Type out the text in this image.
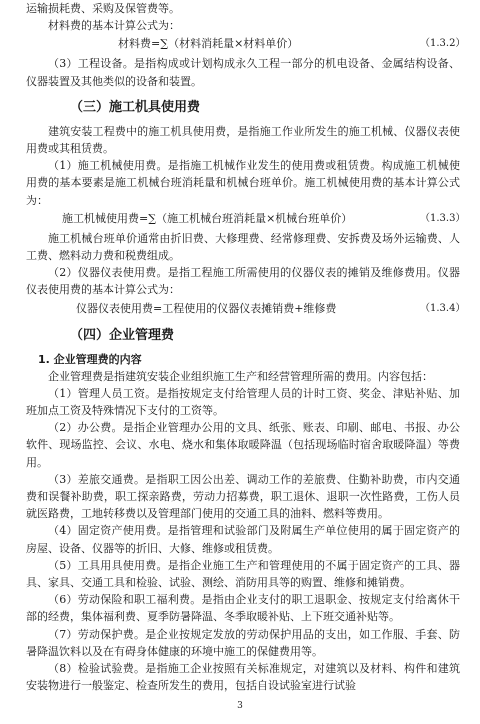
运输损耗费、采购及保管费等。

材料费的基本计算公式为：

材料费=∑（材料消耗量×材料单价）	（1.3.2）

（3）工程设备。是指构成或计划构成永久工程一部分的机电设备、金属结构设备、仪器装置及其他类似的设备和装置。

（三）施工机具使用费

建筑安装工程费中的施工机具使用费，是指施工作业所发生的施工机械、仪器仪表使用费或其租赁费。

（1）施工机械使用费。是指施工机械作业发生的使用费或租赁费。构成施工机械使用费的基本要素是施工机械台班消耗量和机械台班单价。施工机械使用费的基本计算公式为：

施工机械使用费=∑（施工机械台班消耗量×机械台班单价）	（1.3.3）

施工机械台班单价通常由折旧费、大修理费、经常修理费、安拆费及场外运输费、人工费、燃料动力费和税费组成。

（2）仪器仪表使用费。是指工程施工所需使用的仪器仪表的摊销及维修费用。仪器仪表使用费的基本计算公式为：

仪器仪表使用费=工程使用的仪器仪表摊销费+维修费	（1.3.4）
（四）企业管理费
1. 企业管理费的内容

企业管理费是指建筑安装企业组织施工生产和经营管理所需的费用。内容包括：

（1）管理人员工资。是指按规定支付给管理人员的计时工资、奖金、津贴补贴、加班加点工资及特殊情况下支付的工资等。

（2）办公费。是指企业管理办公用的文具、纸张、账表、印刷、邮电、书报、办公软件、现场监控、会议、水电、烧水和集体取暖降温（包括现场临时宿舍取暖降温）等费用。

（3）差旅交通费。是指职工因公出差、调动工作的差旅费、住勤补助费，市内交通费和误餐补助费，职工探亲路费，劳动力招募费，职工退休、退职一次性路费，工伤人员就医路费，工地转移费以及管理部门使用的交通工具的油料、燃料等费用。

（4）固定资产使用费。是指管理和试验部门及附属生产单位使用的属于固定资产的房屋、设备、仪器等的折旧、大修、维修或租赁费。

（5）工具用具使用费。是指企业施工生产和管理使用的不属于固定资产的工具、器具、家具、交通工具和检验、试验、测绘、消防用具等的购置、维修和摊销费。

（6）劳动保险和职工福利费。是指由企业支付的职工退职金、按规定支付给离休干部的经费，集体福利费、夏季防暑降温、冬季取暖补贴、上下班交通补贴等。

（7）劳动保护费。是企业按规定发放的劳动保护用品的支出，如工作服、手套、防暑降温饮料以及在有碍身体健康的环境中施工的保健费用等。

（8）检验试验费。是指施工企业按照有关标准规定，对建筑以及材料、构件和建筑安装物进行一般鉴定、检查所发生的费用，包括自设试验室进行试验

3
